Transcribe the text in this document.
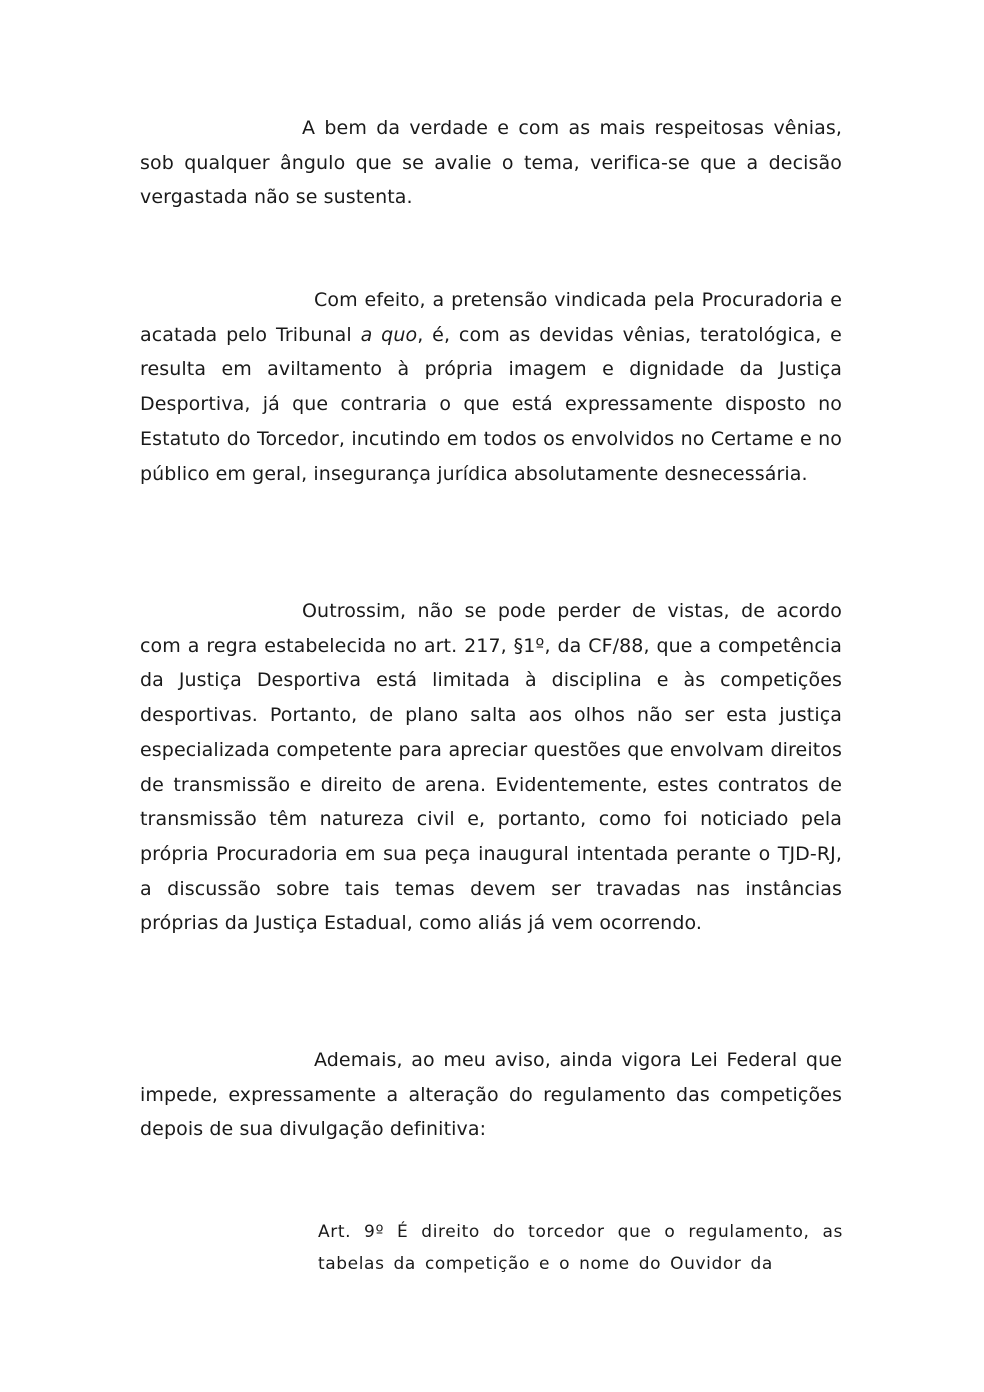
A bem da verdade e com as mais respeitosas vênias, sob qualquer ângulo que se avalie o tema, verifica-se que a decisão vergastada não se sustenta.

Com efeito, a pretensão vindicada pela Procuradoria e acatada pelo Tribunal a quo, é, com as devidas vênias, teratológica, e resulta em aviltamento à própria imagem e dignidade da Justiça Desportiva, já que contraria o que está expressamente disposto no Estatuto do Torcedor, incutindo em todos os envolvidos no Certame e no público em geral, insegurança jurídica absolutamente desnecessária.

Outrossim, não se pode perder de vistas, de acordo com a regra estabelecida no art. 217, §1º, da CF/88, que a competência da Justiça Desportiva está limitada à disciplina e às competições desportivas. Portanto, de plano salta aos olhos não ser esta justiça especializada competente para apreciar questões que envolvam direitos de transmissão e direito de arena. Evidentemente, estes contratos de transmissão têm natureza civil e, portanto, como foi noticiado pela própria Procuradoria em sua peça inaugural intentada perante o TJD-RJ, a discussão sobre tais temas devem ser travadas nas instâncias próprias da Justiça Estadual, como aliás já vem ocorrendo.

Ademais, ao meu aviso, ainda vigora Lei Federal que impede, expressamente a alteração do regulamento das competições depois de sua divulgação definitiva:

Art. 9º É direito do torcedor que o regulamento, as tabelas da competição e o nome do Ouvidor da
